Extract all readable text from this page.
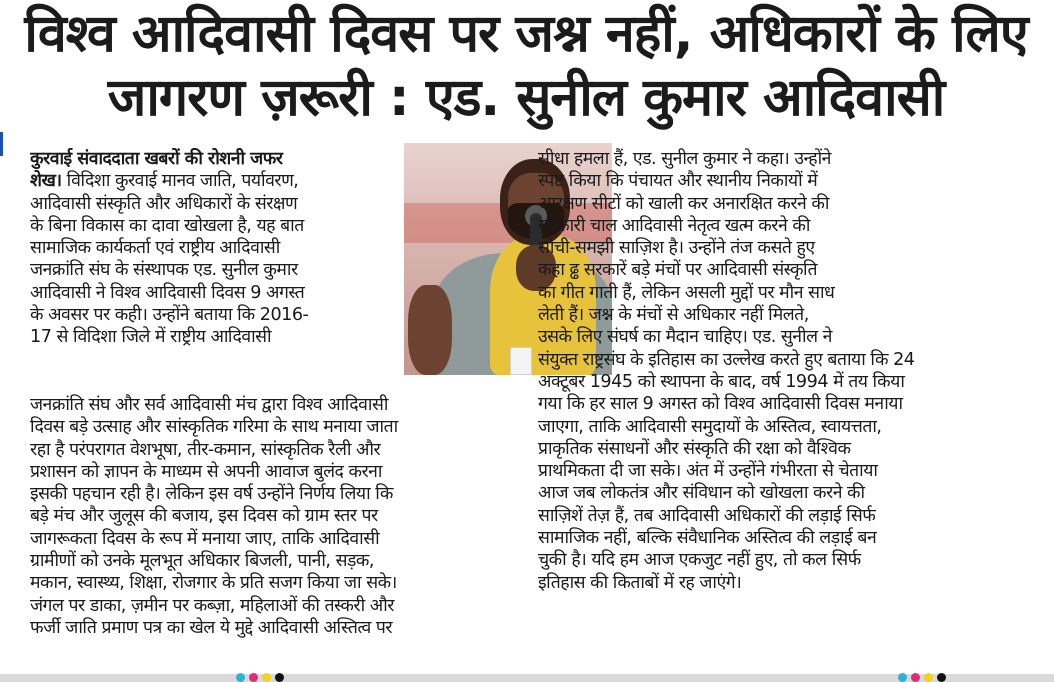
विश्व आदिवासी दिवस पर जश्न नहीं, अधिकारों के लिए
जागरण ज़रूरी : एड. सुनील कुमार आदिवासी
कुरवाई संवाददाता खबरों की रोशनी जफर
शेख। विदिशा कुरवाई मानव जाति, पर्यावरण,
आदिवासी संस्कृति और अधिकारों के संरक्षण
के बिना विकास का दावा खोखला है, यह बात
सामाजिक कार्यकर्ता एवं राष्ट्रीय आदिवासी
जनक्रांति संघ के संस्थापक एड. सुनील कुमार
आदिवासी ने विश्व आदिवासी दिवस 9 अगस्त
के अवसर पर कही। उन्होंने बताया कि 2016-
17 से विदिशा जिले में राष्ट्रीय आदिवासी
जनक्रांति संघ और सर्व आदिवासी मंच द्वारा विश्व आदिवासी
दिवस बड़े उत्साह और सांस्कृतिक गरिमा के साथ मनाया जाता
रहा है परंपरागत वेशभूषा, तीर-कमान, सांस्कृतिक रैली और
प्रशासन को ज्ञापन के माध्यम से अपनी आवाज बुलंद करना
इसकी पहचान रही है। लेकिन इस वर्ष उन्होंने निर्णय लिया कि
बड़े मंच और जुलूस की बजाय, इस दिवस को ग्राम स्तर पर
जागरूकता दिवस के रूप में मनाया जाए, ताकि आदिवासी
ग्रामीणों को उनके मूलभूत अधिकार बिजली, पानी, सड़क,
मकान, स्वास्थ्य, शिक्षा, रोजगार के प्रति सजग किया जा सके।
जंगल पर डाका, ज़मीन पर कब्ज़ा, महिलाओं की तस्करी और
फर्जी जाति प्रमाण पत्र का खेल ये मुद्दे आदिवासी अस्तित्व पर
सीधा हमला हैं, एड. सुनील कुमार ने कहा। उन्होंने
स्पष्ट किया कि पंचायत और स्थानीय निकायों में
आरक्षण सीटों को खाली कर अनारक्षित करने की
सरकारी चाल आदिवासी नेतृत्व खत्म करने की
सोची-समझी साज़िश है। उन्होंने तंज कसते हुए
कहा ढ्ढ सरकारें बड़े मंचों पर आदिवासी संस्कृति
का गीत गाती हैं, लेकिन असली मुद्दों पर मौन साध
लेती हैं। जश्न के मंचों से अधिकार नहीं मिलते,
उसके लिए संघर्ष का मैदान चाहिए। एड. सुनील ने
संयुक्त राष्ट्रसंघ के इतिहास का उल्लेख करते हुए बताया कि 24
अक्टूबर 1945 को स्थापना के बाद, वर्ष 1994 में तय किया
गया कि हर साल 9 अगस्त को विश्व आदिवासी दिवस मनाया
जाएगा, ताकि आदिवासी समुदायों के अस्तित्व, स्वायत्तता,
प्राकृतिक संसाधनों और संस्कृति की रक्षा को वैश्विक
प्राथमिकता दी जा सके। अंत में उन्होंने गंभीरता से चेताया
आज जब लोकतंत्र और संविधान को खोखला करने की
साज़िशें तेज़ हैं, तब आदिवासी अधिकारों की लड़ाई सिर्फ
सामाजिक नहीं, बल्कि संवैधानिक अस्तित्व की लड़ाई बन
चुकी है। यदि हम आज एकजुट नहीं हुए, तो कल सिर्फ
इतिहास की किताबों में रह जाएंगे।
